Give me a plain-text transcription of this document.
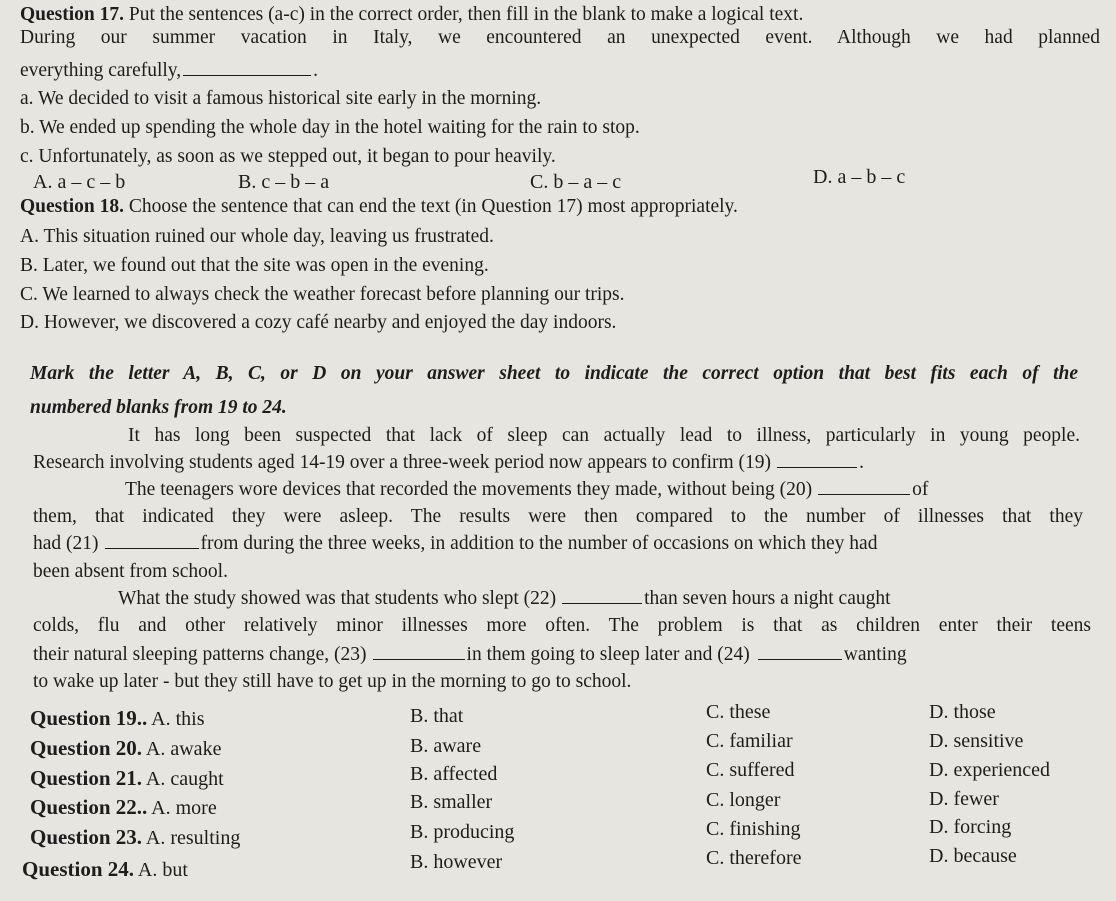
Question 17. Put the sentences (a-c) in the correct order, then fill in the blank to make a logical text.
During our summer vacation in Italy, we encountered an unexpected event. Although we had planned
everything carefully,	.
a. We decided to visit a famous historical site early in the morning.
b. We ended up spending the whole day in the hotel waiting for the rain to stop.
c. Unfortunately, as soon as we stepped out, it began to pour heavily.
A. a – c – b	B. c – b – a	C. b – a – c	D. a – b – c
Question 18. Choose the sentence that can end the text (in Question 17) most appropriately.
A. This situation ruined our whole day, leaving us frustrated.
B. Later, we found out that the site was open in the evening.
C. We learned to always check the weather forecast before planning our trips.
D. However, we discovered a cozy café nearby and enjoyed the day indoors.
Mark the letter A, B, C, or D on your answer sheet to indicate the correct option that best fits each of the
numbered blanks from 19 to 24.
It has long been suspected that lack of sleep can actually lead to illness, particularly in young people.
Research involving students aged 14-19 over a three-week period now appears to confirm (19)	.
The teenagers wore devices that recorded the movements they made, without being (20)	of
them, that indicated they were asleep. The results were then compared to the number of illnesses that they
had (21)	from during the three weeks, in addition to the number of occasions on which they had
been absent from school.
What the study showed was that students who slept (22)	than seven hours a night caught
colds, flu and other relatively minor illnesses more often. The problem is that as children enter their teens
their natural sleeping patterns change, (23)	in them going to sleep later and (24)	wanting
to wake up later - but they still have to get up in the morning to go to school.
Question 19.. A. this	B. that	C. these	D. those
Question 20. A. awake	B. aware	C. familiar	D. sensitive
Question 21. A. caught	B. affected	C. suffered	D. experienced
Question 22.. A. more	B. smaller	C. longer	D. fewer
Question 23. A. resulting	B. producing	C. finishing	D. forcing
Question 24. A. but	B. however	C. therefore	D. because
